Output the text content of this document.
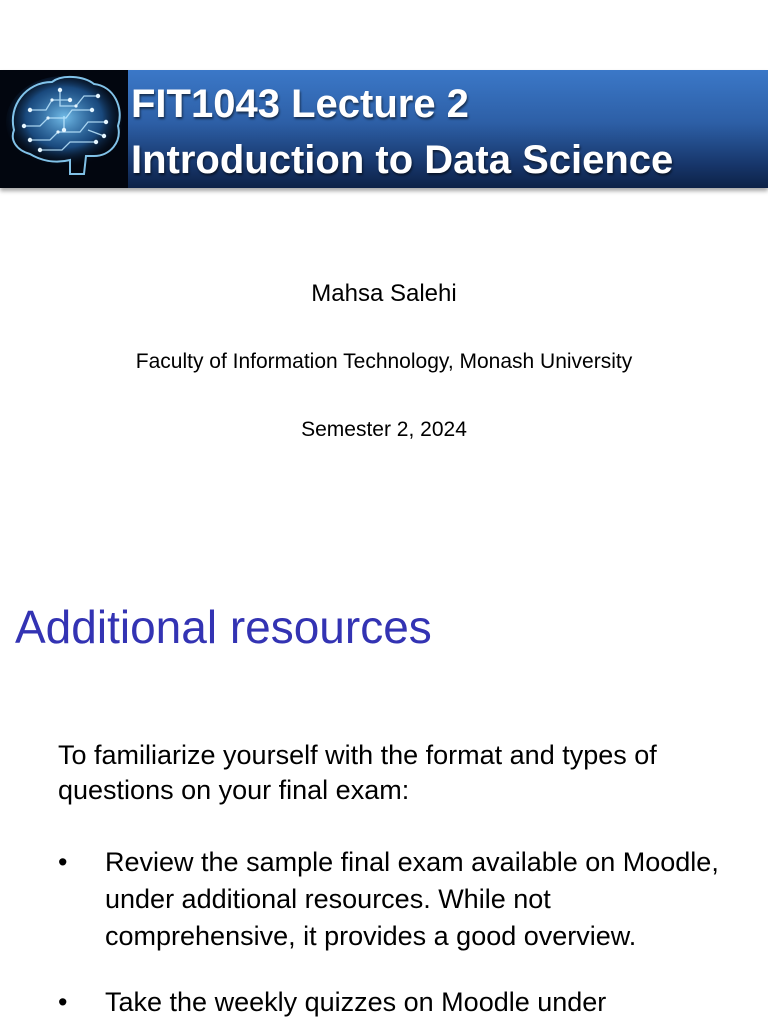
FIT1043 Lecture 2
Introduction to Data Science
Mahsa Salehi
Faculty of Information Technology, Monash University
Semester 2, 2024
Additional resources
To familiarize yourself with the format and types of questions on your final exam:
•	Review the sample final exam available on Moodle, under additional resources. While not comprehensive, it provides a good overview.
•	Take the weekly quizzes on Moodle under
